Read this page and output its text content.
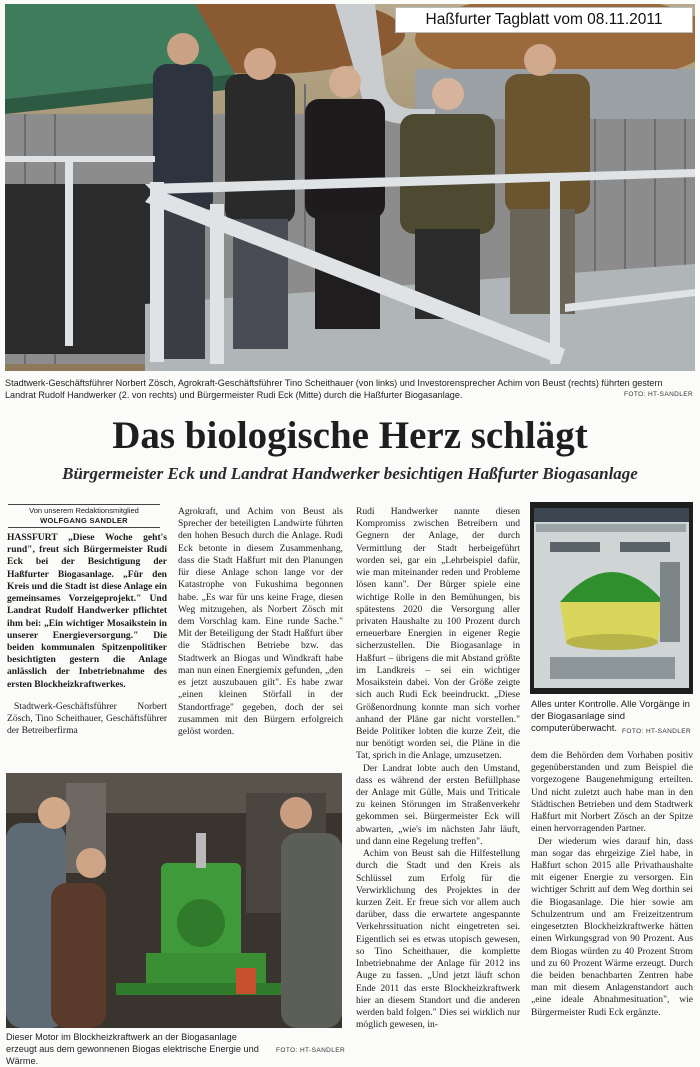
Haßfurter Tagblatt vom 08.11.2011
Stadtwerk-Geschäftsführer Norbert Zösch, Agrokraft-Geschäftsführer Tino Scheithauer (von links) und Investorensprecher Achim von Beust (rechts) führten gestern Landrat Rudolf Handwerker (2. von rechts) und Bürgermeister Rudi Eck (Mitte) durch die Haßfurter Biogasanlage.	FOTO: HT-SANDLER
Das biologische Herz schlägt
Bürgermeister Eck und Landrat Handwerker besichtigen Haßfurter Biogasanlage
Von unserem Redaktionsmitglied
WOLFGANG SANDLER

HASSFURT „Diese Woche geht's rund", freut sich Bürgermeister Rudi Eck bei der Besichtigung der Haßfurter Biogasanlage. „Für den Kreis und die Stadt ist diese Anlage ein gemeinsames Vorzeigeprojekt." Und Landrat Rudolf Handwerker pflichtet ihm bei: „Ein wichtiger Mosaikstein in unserer Energieversorgung." Die beiden kommunalen Spitzenpolitiker besichtigten gestern die Anlage anlässlich der Inbetriebnahme des ersten Blockheizkraftwerkes.

Stadtwerk-Geschäftsführer Norbert Zösch, Tino Scheithauer, Geschäftsführer der Betreiberfirma

Agrokraft, und Achim von Beust als Sprecher der beteiligten Landwirte führten den hohen Besuch durch die Anlage. Rudi Eck betonte in diesem Zusammenhang, dass die Stadt Haßfurt mit den Planungen für diese Anlage schon lange vor der Katastrophe von Fukushima begonnen habe. „Es war für uns keine Frage, diesen Weg mitzugehen, als Norbert Zösch mit dem Vorschlag kam. Eine runde Sache." Mit der Beteiligung der Stadt Haßfurt über die Städtischen Betriebe bzw. das Stadtwerk an Biogas und Windkraft habe man nun einen Energiemix gefunden, „den es jetzt auszubauen gilt". Es habe zwar „einen kleinen Störfall in der Standortfrage" gegeben, doch der sei zusammen mit den Bürgern erfolgreich gelöst worden.

Rudi Handwerker nannte diesen Kompromiss zwischen Betreibern und Gegnern der Anlage, der durch Vermittlung der Stadt herbeigeführt worden sei, gar ein „Lehrbeispiel dafür, wie man miteinander reden und Probleme lösen kann". Der Bürger spiele eine wichtige Rolle in den Bemühungen, bis spätestens 2020 die Versorgung aller privaten Haushalte zu 100 Prozent durch erneuerbare Energien in eigener Regie sicherzustellen. Die Biogasanlage in Haßfurt – übrigens die mit Abstand größte im Landkreis – sei ein wichtiger Mosaikstein dabei. Von der Größe zeigte sich auch Rudi Eck beeindruckt. „Diese Größenordnung konnte man sich vorher anhand der Pläne gar nicht vorstellen." Beide Politiker lobten die kurze Zeit, die nur benötigt worden sei, die Pläne in die Tat, sprich in die Anlage, umzusetzen.

Der Landrat lobte auch den Umstand, dass es während der ersten Befüllphase der Anlage mit Gülle, Mais und Triticale zu keinen Störungen im Straßenverkehr gekommen sei. Bürgermeister Eck will abwarten, „wie's im nächsten Jahr läuft, und dann eine Regelung treffen".

Achim von Beust sah die Hilfestellung durch die Stadt und den Kreis als Schlüssel zum Erfolg für die Verwirklichung des Projektes in der kurzen Zeit. Er freue sich vor allem auch darüber, dass die erwartete angespannte Verkehrssituation nicht eingetreten sei. Eigentlich sei es etwas utopisch gewesen, so Tino Scheithauer, die komplette Inbetriebnahme der Anlage für 2012 ins Auge zu fassen. „Und jetzt läuft schon Ende 2011 das erste Blockheizkraftwerk hier an diesem Standort und die anderen werden bald folgen." Dies sei wirklich nur möglich gewesen, in-

Alles unter Kontrolle. Alle Vorgänge in der Biogasanlage sind computerüberwacht. FOTO: HT-SANDLER

dem die Behörden dem Vorhaben positiv gegenüberstanden und zum Beispiel die vorgezogene Baugenehmigung erteilten. Und nicht zuletzt auch habe man in den Städtischen Betrieben und dem Stadtwerk Haßfurt mit Norbert Zösch an der Spitze einen hervorragenden Partner.

Der wiederum wies darauf hin, dass man sogar das ehrgeizige Ziel habe, in Haßfurt schon 2015 alle Privathaushalte mit eigener Energie zu versorgen. Ein wichtiger Schritt auf dem Weg dorthin sei die Biogasanlage. Die hier sowie am Schulzentrum und am Freizeitzentrum eingesetzten Blockheizkraftwerke hätten einen Wirkungsgrad von 90 Prozent. Aus dem Biogas würden zu 40 Prozent Strom und zu 60 Prozent Wärme erzeugt. Durch die beiden benachbarten Zentren habe man mit diesem Anlagenstandort auch „eine ideale Abnahmesituation", wie Bürgermeister Rudi Eck ergänzte.

Dieser Motor im Blockheizkraftwerk an der Biogasanlage erzeugt aus dem gewonnenen Biogas elektrische Energie und Wärme.
FOTO: HT-SANDLER
